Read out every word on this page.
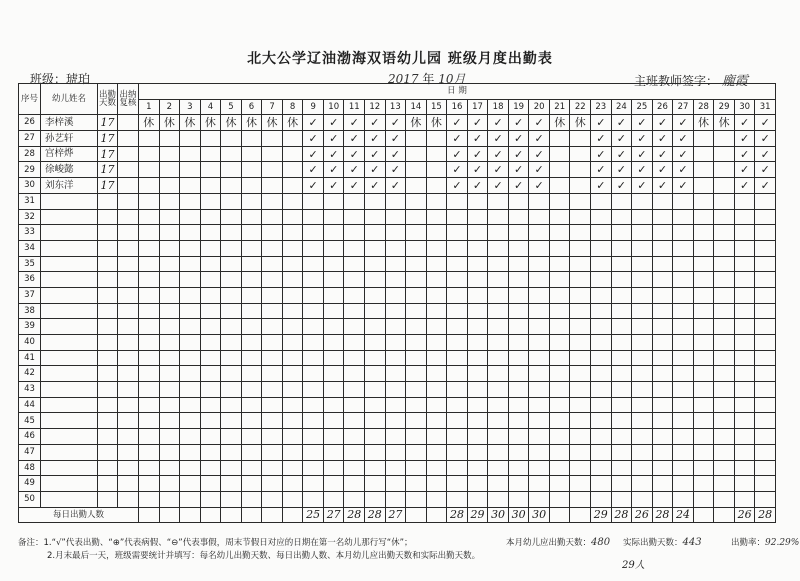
北大公学辽油渤海双语幼儿园 班级月度出勤表
班级：琥珀	2017 年 10月	主班教师签字： 龐霞
序号	幼儿姓名	出勤天数	出纳复核	日 期																														
				1	2	3	4	5	6	7	8	9	10	11	12	13	14	15	16	17	18	19	20	21	22	23	24	25	26	27	28	29	30	31
26	李梓溪	17		休	休	休	休	休	休	休	休	✓	✓	✓	✓	✓	休	休	✓	✓	✓	✓	✓	休	休	✓	✓	✓	✓	✓	休	休	✓	✓
27	孙艺轩	17										✓	✓	✓	✓	✓			✓	✓	✓	✓	✓			✓	✓	✓	✓	✓			✓	✓
28	宫梓烨	17										✓	✓	✓	✓	✓			✓	✓	✓	✓	✓			✓	✓	✓	✓	✓			✓	✓
29	徐峻懿	17										✓	✓	✓	✓	✓			✓	✓	✓	✓	✓			✓	✓	✓	✓	✓			✓	✓
30	刘东洋	17										✓	✓	✓	✓	✓			✓	✓	✓	✓	✓			✓	✓	✓	✓	✓			✓	✓
31																																		
32																																		
33																																		
34																																		
35																																		
36																																		
37																																		
38																																		
39																																		
40																																		
41																																		
42																																		
43																																		
44																																		
45																																		
46																																		
47																																		
48																																		
49																																		
50																																		
每日出勤人数												25	27	28	28	27			28	29	30	30	30			29	28	26	28	24			26	28
备注：1.“√”代表出勤、“⊕”代表病假、“⊖”代表事假，周末节假日对应的日期在第一名幼儿那行写“休”；
2.月末最后一天，班级需要统计并填写：每名幼儿出勤天数、每日出勤人数、本月幼儿应出勤天数和实际出勤天数。
本月幼儿应出勤天数：480 实际出勤天数：443	出勤率：92.29%
29人
